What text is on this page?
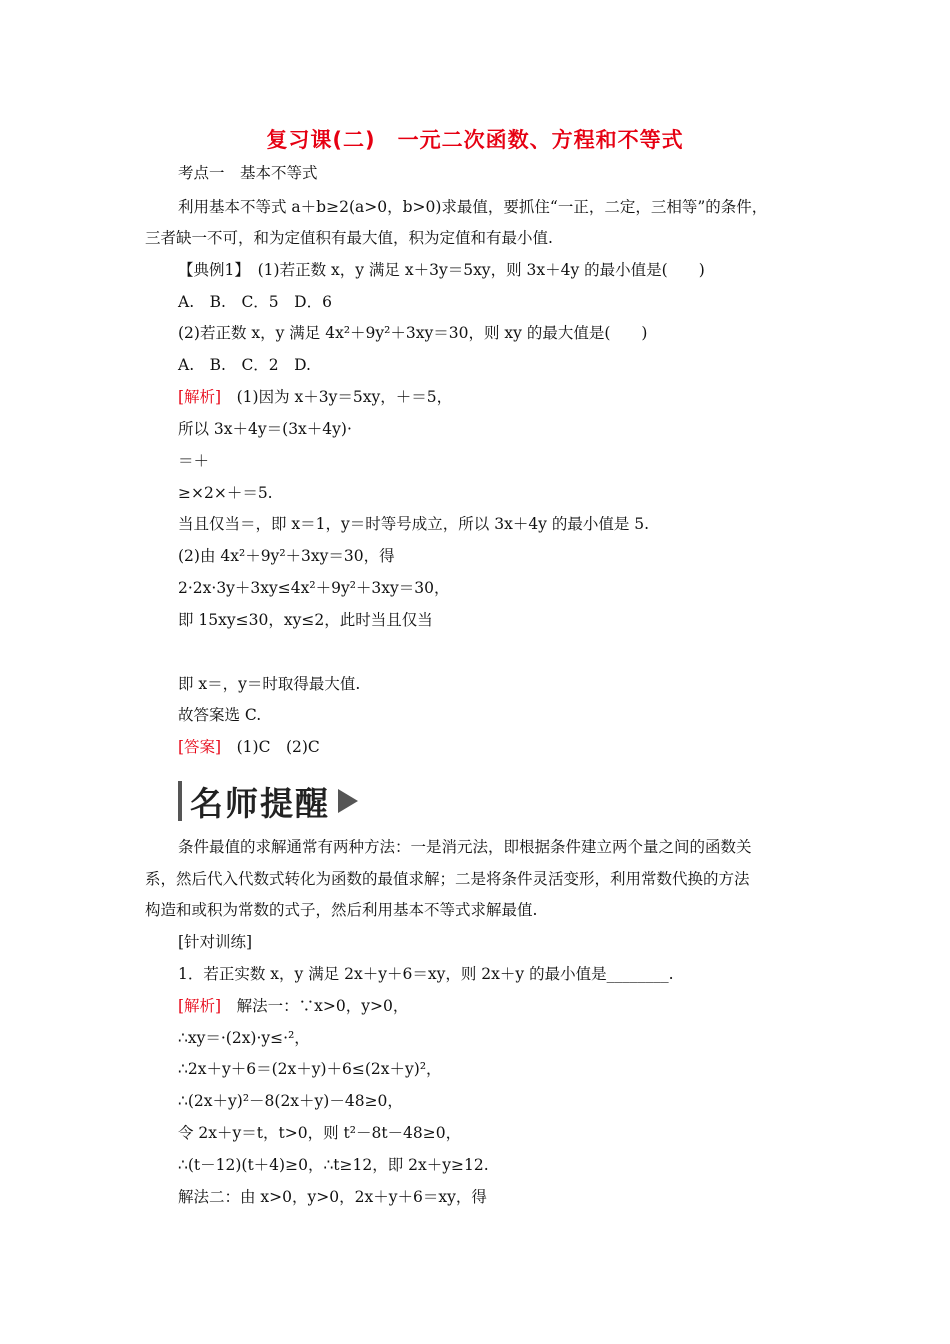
复习课(二)　一元二次函数、方程和不等式
考点一　基本不等式
利用基本不等式 a＋b≥2(a>0，b>0)求最值，要抓住“一正，二定，三相等”的条件，
三者缺一不可，和为定值积有最大值，积为定值和有最小值.
【典例1】　(1)若正数 x，y 满足 x＋3y＝5xy，则 3x＋4y 的最小值是(　　)
A.　B.　C．5　D．6
(2)若正数 x，y 满足 4x²＋9y²＋3xy＝30，则 xy 的最大值是(　　)
A.　B.　C．2　D.
[解析]　 (1)因为 x＋3y＝5xy，＋＝5，
所以 3x＋4y＝(3x＋4y)·
＝＋
≥×2×＋＝5.
当且仅当＝，即 x＝1，y＝时等号成立，所以 3x＋4y 的最小值是 5.
(2)由 4x²＋9y²＋3xy＝30，得
2·2x·3y＋3xy≤4x²＋9y²＋3xy＝30，
即 15xy≤30，xy≤2，此时当且仅当
即 x＝，y＝时取得最大值.
故答案选 C.
[答案]　 (1)C　(2)C
名师提醒
条件最值的求解通常有两种方法：一是消元法，即根据条件建立两个量之间的函数关
系，然后代入代数式转化为函数的最值求解；二是将条件灵活变形，利用常数代换的方法
构造和或积为常数的式子，然后利用基本不等式求解最值.
[针对训练]
1．若正实数 x，y 满足 2x＋y＋6＝xy，则 2x＋y 的最小值是________.
[解析]　 解法一：∵x>0，y>0，
∴xy＝·(2x)·y≤·²，
∴2x＋y＋6＝(2x＋y)＋6≤(2x＋y)²，
∴(2x＋y)²－8(2x＋y)－48≥0，
令 2x＋y＝t，t>0，则 t²－8t－48≥0，
∴(t－12)(t＋4)≥0，∴t≥12，即 2x＋y≥12.
解法二：由 x>0，y>0，2x＋y＋6＝xy，得
